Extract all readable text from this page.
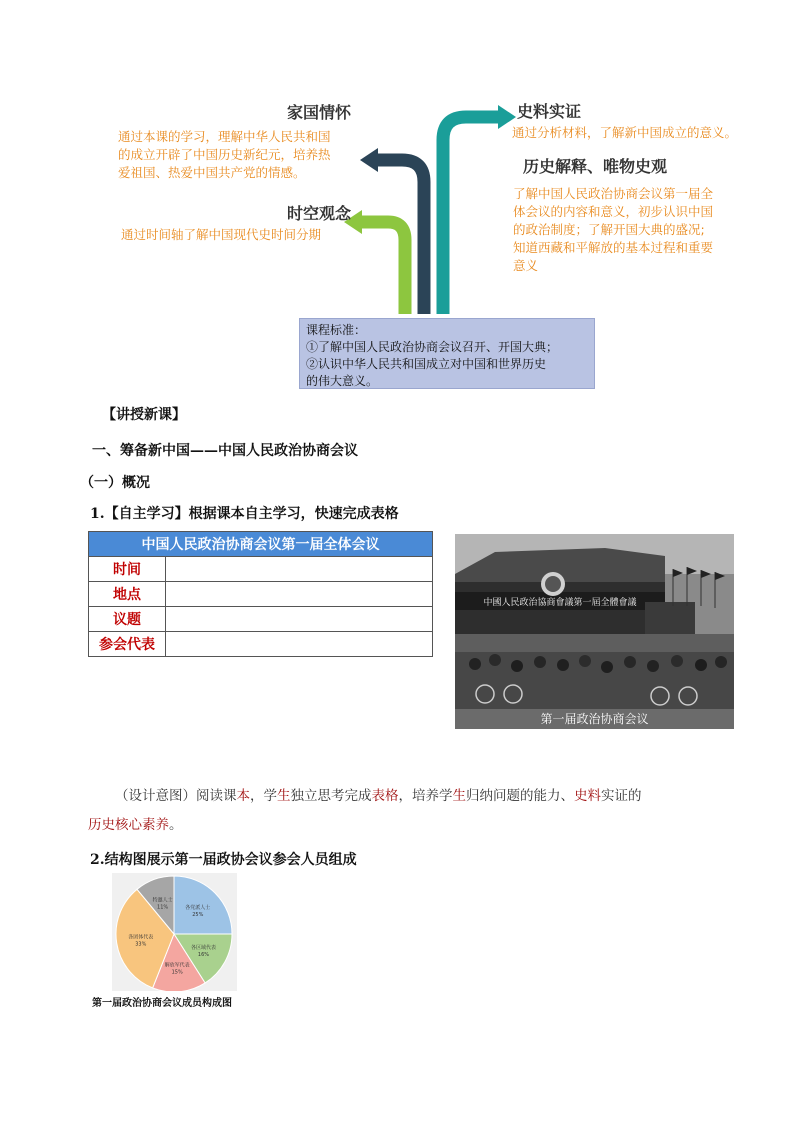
家国情怀
通过本课的学习，理解中华人民共和国
的成立开辟了中国历史新纪元，培养热
爱祖国、热爱中国共产党的情感。
时空观念
通过时间轴了解中国现代史时间分期
史料实证
通过分析材料，了解新中国成立的意义。
历史解释、唯物史观
了解中国人民政治协商会议第一届全
体会议的内容和意义，初步认识中国
的政治制度；了解开国大典的盛况;
知道西藏和平解放的基本过程和重要
意义
课程标准：
①了解中国人民政治协商会议召开、开国大典；
②认识中华人民共和国成立对中国和世界历史
的伟大意义。
【讲授新课】
一、筹备新中国——中国人民政治协商会议
（一）概况
1.【自主学习】根据课本自主学习，快速完成表格
中国人民政治协商会议第一届全体会议	
时间	
地点	
议题	
参会代表	
中國人民政治協商會議第一屆全體會議
第一届政治协商会议
（设计意图）阅读课本，学生独立思考完成表格，培养学生归纳问题的能力、史料实证的
历史核心素养。
2.结构图展示第一届政协会议参会人员组成
各党派人士
25%
各区域代表
16%
解放军代表
15%
各团体代表
33%
特邀人士
11%
第一届政治协商会议成员构成图
